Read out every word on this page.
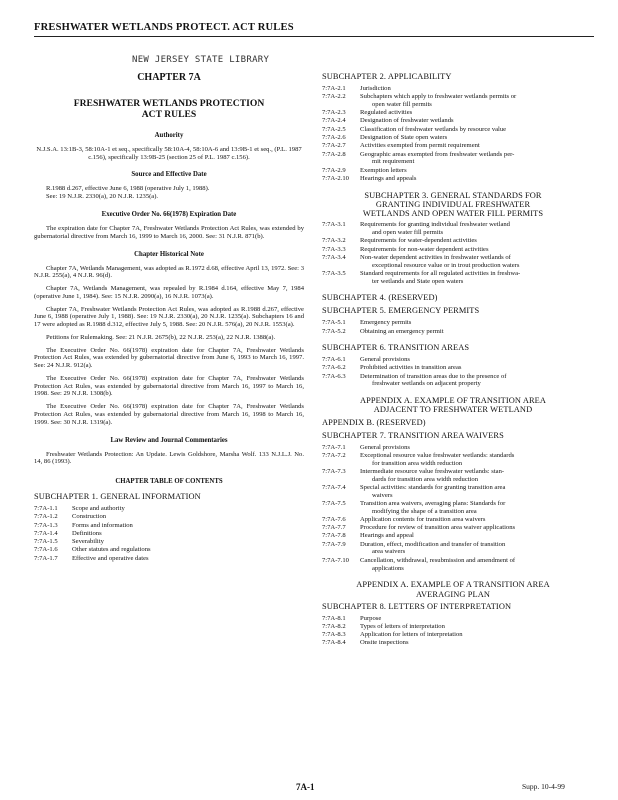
FRESHWATER WETLANDS PROTECT. ACT RULES
NEW JERSEY STATE LIBRARY
CHAPTER 7A
FRESHWATER WETLANDS PROTECTION
ACT RULES
Authority

N.J.S.A. 13:1B-3, 58:10A-1 et seq., specifically 58:10A-4, 58:10A-6 and 13:9B-1 et seq., (P.L. 1987 c.156), specifically 13:9B-25 (section 25 of P.L. 1987 c.156).

Source and Effective Date

R.1988 d.267, effective June 6, 1988 (operative July 1, 1988).

See: 19 N.J.R. 2330(a), 20 N.J.R. 1235(a).

Executive Order No. 66(1978) Expiration Date

The expiration date for Chapter 7A, Freshwater Wetlands Protection Act Rules, was extended by gubernatorial directive from March 16, 1999 to March 16, 2000. See: 31 N.J.R. 871(b).

Chapter Historical Note

Chapter 7A, Wetlands Management, was adopted as R.1972 d.68, effective April 13, 1972. See: 3 N.J.R. 255(a), 4 N.J.R. 96(d).

Chapter 7A, Wetlands Management, was repealed by R.1984 d.164, effective May 7, 1984 (operative June 1, 1984). See: 15 N.J.R. 2090(a), 16 N.J.R. 1073(a).

Chapter 7A, Freshwater Wetlands Protection Act Rules, was adopted as R.1988 d.267, effective June 6, 1988 (operative July 1, 1988). See: 19 N.J.R. 2330(a), 20 N.J.R. 1235(a). Subchapters 16 and 17 were adopted as R.1988 d.312, effective July 5, 1988. See: 20 N.J.R. 576(a), 20 N.J.R. 1553(a).

Petitions for Rulemaking. See: 21 N.J.R. 2675(b), 22 N.J.R. 253(a), 22 N.J.R. 1388(a).

The Executive Order No. 66(1978) expiration date for Chapter 7A, Freshwater Wetlands Protection Act Rules, was extended by gubernatorial directive from June 6, 1993 to March 16, 1997. See: 24 N.J.R. 912(a).

The Executive Order No. 66(1978) expiration date for Chapter 7A, Freshwater Wetlands Protection Act Rules, was extended by gubernatorial directive from March 16, 1997 to March 16, 1998. See: 29 N.J.R. 1308(b).

The Executive Order No. 66(1978) expiration date for Chapter 7A, Freshwater Wetlands Protection Act Rules, was extended by gubernatorial directive from March 16, 1998 to March 16, 1999. See: 30 N.J.R. 1319(a).

Law Review and Journal Commentaries

Freshwater Wetlands Protection: An Update. Lewis Goldshore, Marsha Wolf. 133 N.J.L.J. No. 14, 86 (1993).

CHAPTER TABLE OF CONTENTS
SUBCHAPTER 1. GENERAL INFORMATION
7:7A-1.1	Scope and authority
7:7A-1.2	Construction
7:7A-1.3	Forms and information
7:7A-1.4	Definitions
7:7A-1.5	Severability
7:7A-1.6	Other statutes and regulations
7:7A-1.7	Effective and operative dates
SUBCHAPTER 2. APPLICABILITY
7:7A-2.1	Jurisdiction
7:7A-2.2	Subchapters which apply to freshwater wetlands permits or
open water fill permits
7:7A-2.3	Regulated activities
7:7A-2.4	Designation of freshwater wetlands
7:7A-2.5	Classification of freshwater wetlands by resource value
7:7A-2.6	Designation of State open waters
7:7A-2.7	Activities exempted from permit requirement
7:7A-2.8	Geographic areas exempted from freshwater wetlands per-
mit requirement
7:7A-2.9	Exemption letters
7:7A-2.10	Hearings and appeals
SUBCHAPTER 3. GENERAL STANDARDS FOR
GRANTING INDIVIDUAL FRESHWATER
WETLANDS AND OPEN WATER FILL PERMITS
7:7A-3.1	Requirements for granting individual freshwater wetland
and open water fill permits
7:7A-3.2	Requirements for water-dependent activities
7:7A-3.3	Requirements for non-water dependent activities
7:7A-3.4	Non-water dependent activities in freshwater wetlands of
exceptional resource value or in trout production waters
7:7A-3.5	Standard requirements for all regulated activities in freshwa-
ter wetlands and State open waters
SUBCHAPTER 4. (RESERVED)
SUBCHAPTER 5. EMERGENCY PERMITS
7:7A-5.1	Emergency permits
7:7A-5.2	Obtaining an emergency permit
SUBCHAPTER 6. TRANSITION AREAS
7:7A-6.1	General provisions
7:7A-6.2	Prohibited activities in transition areas
7:7A-6.3	Determination of transition areas due to the presence of
freshwater wetlands on adjacent property
APPENDIX A. EXAMPLE OF TRANSITION AREA
ADJACENT TO FRESHWATER WETLAND
APPENDIX B. (RESERVED)
SUBCHAPTER 7. TRANSITION AREA WAIVERS
7:7A-7.1	General provisions
7:7A-7.2	Exceptional resource value freshwater wetlands: standards
for transition area width reduction
7:7A-7.3	Intermediate resource value freshwater wetlands: stan-
dards for transition area width reduction
7:7A-7.4	Special activities: standards for granting transition area
waivers
7:7A-7.5	Transition area waivers, averaging plans: Standards for
modifying the shape of a transition area
7:7A-7.6	Application contents for transition area waivers
7:7A-7.7	Procedure for review of transition area waiver applications
7:7A-7.8	Hearings and appeal
7:7A-7.9	Duration, effect, modification and transfer of transition
area waivers
7:7A-7.10	Cancellation, withdrawal, resubmission and amendment of
applications
APPENDIX A. EXAMPLE OF A TRANSITION AREA
AVERAGING PLAN
SUBCHAPTER 8. LETTERS OF INTERPRETATION
7:7A-8.1	Purpose
7:7A-8.2	Types of letters of interpretation
7:7A-8.3	Application for letters of interpretation
7:7A-8.4	Onsite inspections
7A-1	Supp. 10-4-99
